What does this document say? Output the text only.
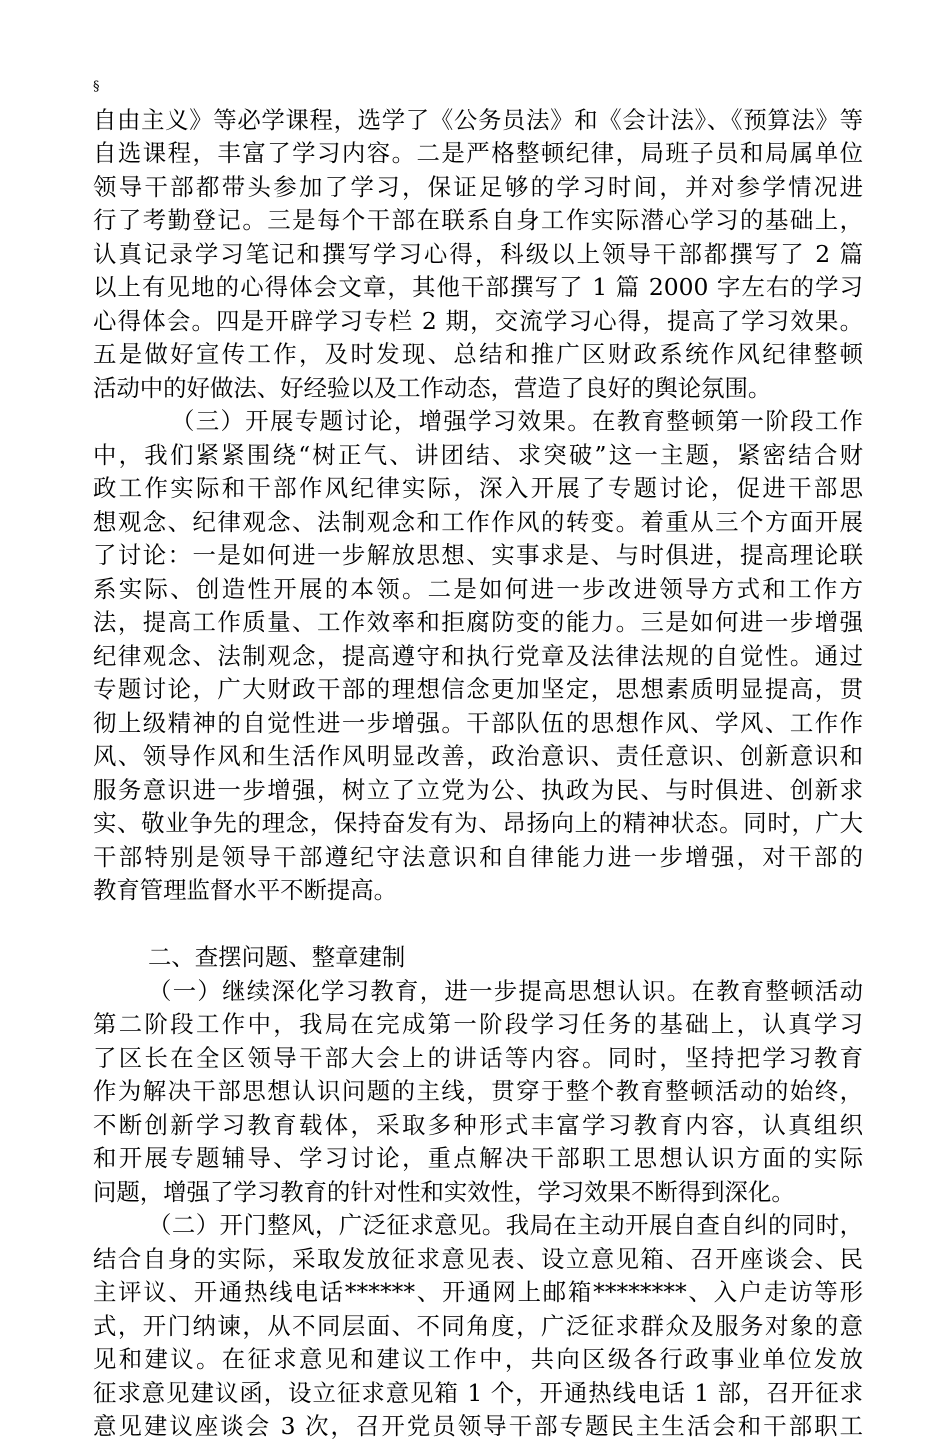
§
自由主义》等必学课程，选学了《公务员法》和《会计法》、《预算法》等
自选课程，丰富了学习内容。二是严格整顿纪律，局班子员和局属单位
领导干部都带头参加了学习，保证足够的学习时间，并对参学情况进
行了考勤登记。三是每个干部在联系自身工作实际潜心学习的基础上，
认真记录学习笔记和撰写学习心得，科级以上领导干部都撰写了 2 篇
以上有见地的心得体会文章，其他干部撰写了 1 篇 2000 字左右的学习
心得体会。四是开辟学习专栏 2 期，交流学习心得，提高了学习效果。
五是做好宣传工作，及时发现、总结和推广区财政系统作风纪律整顿
活动中的好做法、好经验以及工作动态，营造了良好的舆论氛围。
（三）开展专题讨论，增强学习效果。在教育整顿第一阶段工作
中，我们紧紧围绕“树正气、讲团结、求突破”这一主题，紧密结合财
政工作实际和干部作风纪律实际，深入开展了专题讨论，促进干部思
想观念、纪律观念、法制观念和工作作风的转变。着重从三个方面开展
了讨论：一是如何进一步解放思想、实事求是、与时俱进，提高理论联
系实际、创造性开展的本领。二是如何进一步改进领导方式和工作方
法，提高工作质量、工作效率和拒腐防变的能力。三是如何进一步增强
纪律观念、法制观念，提高遵守和执行党章及法律法规的自觉性。通过
专题讨论，广大财政干部的理想信念更加坚定，思想素质明显提高，贯
彻上级精神的自觉性进一步增强。干部队伍的思想作风、学风、工作作
风、领导作风和生活作风明显改善，政治意识、责任意识、创新意识和
服务意识进一步增强，树立了立党为公、执政为民、与时俱进、创新求
实、敬业争先的理念，保持奋发有为、昂扬向上的精神状态。同时，广大
干部特别是领导干部遵纪守法意识和自律能力进一步增强，对干部的
教育管理监督水平不断提高。
二、查摆问题、整章建制
（一）继续深化学习教育，进一步提高思想认识。在教育整顿活动
第二阶段工作中，我局在完成第一阶段学习任务的基础上，认真学习
了区长在全区领导干部大会上的讲话等内容。同时，坚持把学习教育
作为解决干部思想认识问题的主线，贯穿于整个教育整顿活动的始终，
不断创新学习教育载体，采取多种形式丰富学习教育内容，认真组织
和开展专题辅导、学习讨论，重点解决干部职工思想认识方面的实际
问题，增强了学习教育的针对性和实效性，学习效果不断得到深化。
（二）开门整风，广泛征求意见。我局在主动开展自查自纠的同时，
结合自身的实际，采取发放征求意见表、设立意见箱、召开座谈会、民
主评议、开通热线电话******、开通网上邮箱********、入户走访等形
式，开门纳谏，从不同层面、不同角度，广泛征求群众及服务对象的意
见和建议。在征求意见和建议工作中，共向区级各行政事业单位发放
征求意见建议函，设立征求意见箱 1 个，开通热线电话 1 部，召开征求
意见建议座谈会 3 次，召开党员领导干部专题民主生活会和干部职工
